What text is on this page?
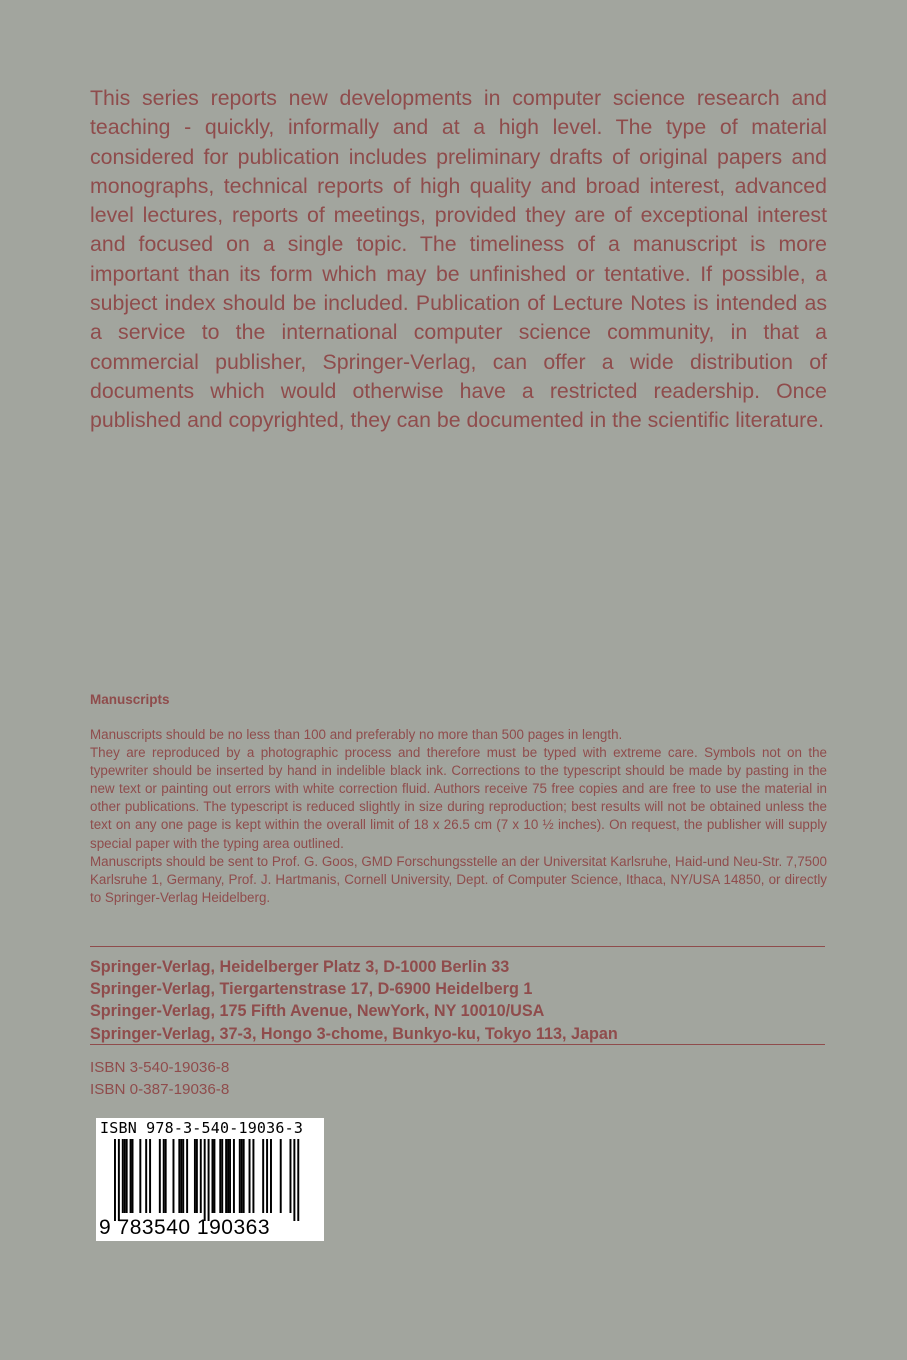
This series reports new developments in computer science research and teaching - quickly, informally and at a high level. The type of material considered for publication includes preliminary drafts of original papers and monographs, technical reports of high quality and broad interest, advanced level lectures, reports of meetings, provided they are of exceptional interest and focused on a single topic. The timeliness of a manuscript is more important than its form which may be unfinished or tentative. If possible, a subject index should be included. Publication of Lecture Notes is intended as a service to the international computer science community, in that a commercial publisher, Springer-Verlag, can offer a wide distribution of documents which would otherwise have a restricted readership. Once published and copyrighted, they can be documented in the scientific literature.

Manuscripts

Manuscripts should be no less than 100 and preferably no more than 500 pages in length.

They are reproduced by a photographic process and therefore must be typed with extreme care. Symbols not on the typewriter should be inserted by hand in indelible black ink. Corrections to the typescript should be made by pasting in the new text or painting out errors with white correction fluid. Authors receive 75 free copies and are free to use the material in other publications. The typescript is reduced slightly in size during reproduction; best results will not be obtained unless the text on any one page is kept within the overall limit of 18 x 26.5 cm (7 x 10 ½ inches). On request, the publisher will supply special paper with the typing area outlined.

Manuscripts should be sent to Prof. G. Goos, GMD Forschungsstelle an der Universitat Karlsruhe, Haid-und Neu-Str. 7,7500 Karlsruhe 1, Germany, Prof. J. Hartmanis, Cornell University, Dept. of Computer Science, Ithaca, NY/USA 14850, or directly to Springer-Verlag Heidelberg.

Springer-Verlag, Heidelberger Platz 3, D-1000 Berlin 33
Springer-Verlag, Tiergartenstrase 17, D-6900 Heidelberg 1
Springer-Verlag, 175 Fifth Avenue, NewYork, NY 10010/USA
Springer-Verlag, 37-3, Hongo 3-chome, Bunkyo-ku, Tokyo 113, Japan
ISBN 3-540-19036-8
ISBN 0-387-19036-8
ISBN 978-3-540-19036-3
9 783540 190363
